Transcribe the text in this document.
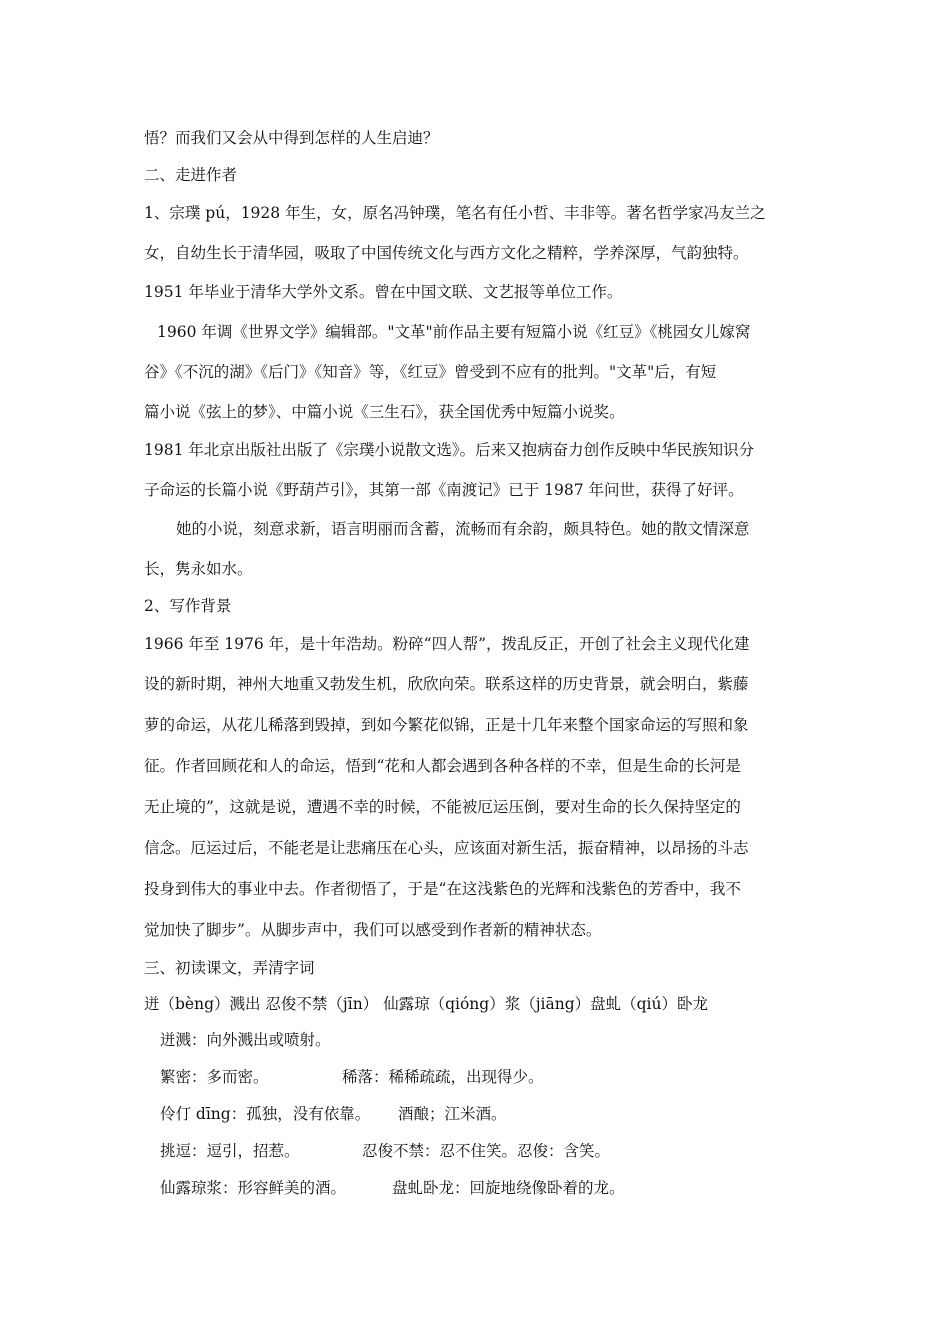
悟？而我们又会从中得到怎样的人生启迪？
二、走进作者
1、宗璞 pú，1928 年生，女，原名冯钟璞，笔名有任小哲、丰非等。著名哲学家冯友兰之
女，自幼生长于清华园，吸取了中国传统文化与西方文化之精粹，学养深厚，气韵独特。
1951 年毕业于清华大学外文系。曾在中国文联、文艺报等单位工作。
1960 年调《世界文学》编辑部。"文革"前作品主要有短篇小说《红豆》《桃园女儿嫁窝
谷》《不沉的湖》《后门》《知音》等，《红豆》曾受到不应有的批判。"文革"后，有短
篇小说《弦上的梦》、中篇小说《三生石》，获全国优秀中短篇小说奖。
1981 年北京出版社出版了《宗璞小说散文选》。后来又抱病奋力创作反映中华民族知识分
子命运的长篇小说《野葫芦引》，其第一部《南渡记》已于 1987 年问世，获得了好评。
她的小说，刻意求新，语言明丽而含蓄，流畅而有余韵，颇具特色。她的散文情深意
长，隽永如水。
2、写作背景
1966 年至 1976 年，是十年浩劫。粉碎“四人帮”，拨乱反正，开创了社会主义现代化建
设的新时期，神州大地重又勃发生机，欣欣向荣。联系这样的历史背景，就会明白，紫藤
萝的命运，从花儿稀落到毁掉，到如今繁花似锦，正是十几年来整个国家命运的写照和象
征。作者回顾花和人的命运，悟到“花和人都会遇到各种各样的不幸，但是生命的长河是
无止境的”，这就是说，遭遇不幸的时候，不能被厄运压倒，要对生命的长久保持坚定的
信念。厄运过后，不能老是让悲痛压在心头，应该面对新生活，振奋精神，以昂扬的斗志
投身到伟大的事业中去。作者彻悟了，于是“在这浅紫色的光辉和浅紫色的芳香中，我不
觉加快了脚步”。从脚步声中，我们可以感受到作者新的精神状态。
三、初读课文，弄清字词
迸（bèng）溅出 忍俊不禁（jīn） 仙露琼（qióng）浆（jiāng）盘虬（qiú）卧龙
迸溅：向外溅出或喷射。
繁密：多而密。	稀落：稀稀疏疏，出现得少。
伶仃 dīng：孤独，没有依靠。 酒酿；江米酒。
挑逗：逗引，招惹。	忍俊不禁：忍不住笑。忍俊：含笑。
仙露琼浆：形容鲜美的酒。	盘虬卧龙：回旋地绕像卧着的龙。
